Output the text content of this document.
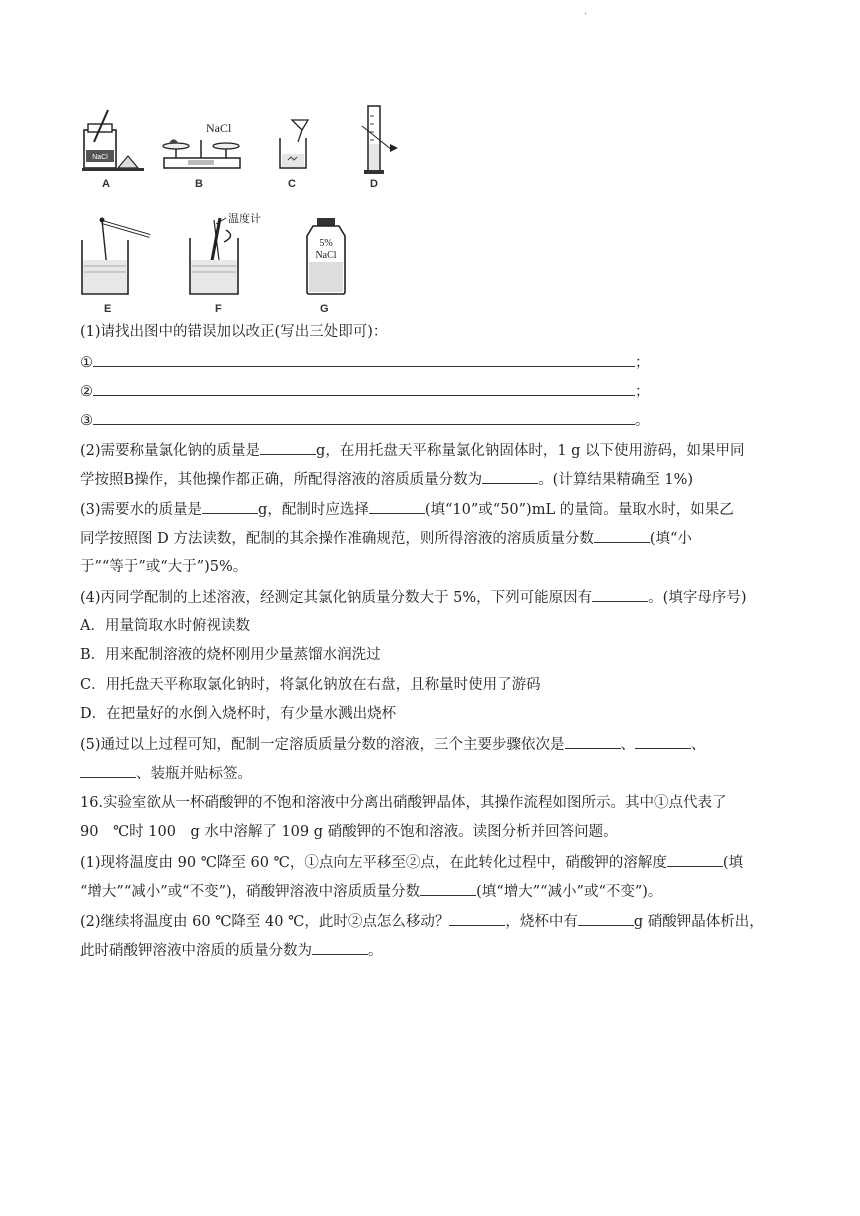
.
NaCl
A
NaCl
B	C	D
E
温度计
F
5%
NaCl
G
(1)请找出图中的错误加以改正(写出三处即可)：
①	；
②	；
③	。
(2)需要称量氯化钠的质量是	g，在用托盘天平称量氯化钠固体时，1 g 以下使用游码，如果甲同
学按照B操作，其他操作都正确，所配得溶液的溶质质量分数为	。(计算结果精确至 1%)
(3)需要水的质量是	g，配制时应选择	(填“10”或“50”)mL 的量筒。量取水时，如果乙
同学按照图 D 方法读数，配制的其余操作准确规范，则所得溶液的溶质质量分数	(填“小
于”“等于”或“大于”)5%。
(4)丙同学配制的上述溶液，经测定其氯化钠质量分数大于 5%，下列可能原因有	。(填字母序号)
A．用量筒取水时俯视读数
B．用来配制溶液的烧杯刚用少量蒸馏水润洗过
C．用托盘天平称取氯化钠时，将氯化钠放在右盘，且称量时使用了游码
D．在把量好的水倒入烧杯时，有少量水溅出烧杯
(5)通过以上过程可知，配制一定溶质质量分数的溶液，三个主要步骤依次是	、	、
、装瓶并贴标签。
16.实验室欲从一杯硝酸钾的不饱和溶液中分离出硝酸钾晶体，其操作流程如图所示。其中①点代表了
90　℃时 100　g 水中溶解了 109 g 硝酸钾的不饱和溶液。读图分析并回答问题。
(1)现将温度由 90 ℃降至 60 ℃，①点向左平移至②点，在此转化过程中，硝酸钾的溶解度	(填
“增大”“减小”或“不变”)，硝酸钾溶液中溶质质量分数	(填“增大”“减小”或“不变”)。
(2)继续将温度由 60 ℃降至 40 ℃，此时②点怎么移动？	，烧杯中有	g 硝酸钾晶体析出，
此时硝酸钾溶液中溶质的质量分数为	。
